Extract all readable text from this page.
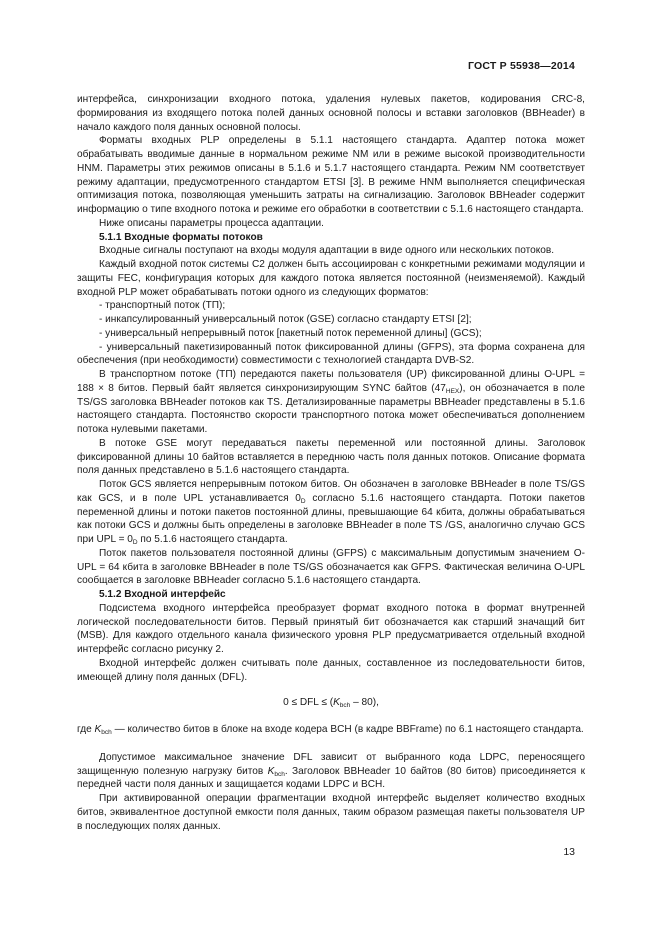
ГОСТ Р 55938—2014

интерфейса, синхронизации входного потока, удаления нулевых пакетов, кодирования CRC-8, формирования из входящего потока полей данных основной полосы и вставки заголовков (BBHeader) в начало каждого поля данных основной полосы.

Форматы входных PLP определены в 5.1.1 настоящего стандарта. Адаптер потока может обрабатывать вводимые данные в нормальном режиме NM или в режиме высокой производительности HNM. Параметры этих режимов описаны в 5.1.6 и 5.1.7 настоящего стандарта. Режим NM соответствует режиму адаптации, предусмотренного стандартом ETSI [3]. В режиме HNM выполняется специфическая оптимизация потока, позволяющая уменьшить затраты на сигнализацию. Заголовок BBHeader содержит информацию о типе входного потока и режиме его обработки в соответствии с 5.1.6 настоящего стандарта.

Ниже описаны параметры процесса адаптации.

5.1.1 Входные форматы потоков

Входные сигналы поступают на входы модуля адаптации в виде одного или нескольких потоков.

Каждый входной поток системы C2 должен быть ассоциирован с конкретными режимами модуляции и защиты FEC, конфигурация которых для каждого потока является постоянной (неизменяемой). Каждый входной PLP может обрабатывать потоки одного из следующих форматов:

- транспортный поток (ТП);

- инкапсулированный универсальный поток (GSE) согласно стандарту ETSI [2];

- универсальный непрерывный поток [пакетный поток переменной длины] (GCS);

- универсальный пакетизированный поток фиксированной длины (GFPS), эта форма сохранена для обеспечения (при необходимости) совместимости с технологией стандарта DVB-S2.

В транспортном потоке (ТП) передаются пакеты пользователя (UP) фиксированной длины O-UPL = 188 × 8 битов. Первый байт является синхронизирующим SYNC байтов $(47_{HEX})$, он обозначается в поле TS/GS заголовка BBHeader потоков как TS. Детализированные параметры BBHeader представлены в 5.1.6 настоящего стандарта. Постоянство скорости транспортного потока может обеспечиваться дополнением потока нулевыми пакетами.

В потоке GSE могут передаваться пакеты переменной или постоянной длины. Заголовок фиксированной длины 10 байтов вставляется в переднюю часть поля данных потоков. Описание формата поля данных представлено в 5.1.6 настоящего стандарта.

Поток GCS является непрерывным потоком битов. Он обозначен в заголовке BBHeader в поле TS/GS как GCS, и в поле UPL устанавливается $0_D$ согласно 5.1.6 настоящего стандарта. Потоки пакетов переменной длины и потоки пакетов постоянной длины, превышающие 64 кбита, должны обрабатываться как потоки GCS и должны быть определены в заголовке BBHeader в поле TS /GS, аналогично случаю GCS при UPL = $0_D$ по 5.1.6 настоящего стандарта.

Поток пакетов пользователя постоянной длины (GFPS) с максимальным допустимым значением O-UPL = 64 кбита в заголовке BBHeader в поле TS/GS обозначается как GFPS. Фактическая величина O-UPL сообщается в заголовке BBHeader согласно 5.1.6 настоящего стандарта.

5.1.2 Входной интерфейс

Подсистема входного интерфейса преобразует формат входного потока в формат внутренней логической последовательности битов. Первый принятый бит обозначается как старший значащий бит (MSB). Для каждого отдельного канала физического уровня PLP предусматривается отдельный входной интерфейс согласно рисунку 2.

Входной интерфейс должен считывать поле данных, составленное из последовательности битов, имеющей длину поля данных (DFL).

0 ≤ DFL ≤ $(K_{bch} - 80)$,

где $K_{bch}$ — количество битов в блоке на входе кодера BCH (в кадре BBFrame) по 6.1 настоящего стандарта.

Допустимое максимальное значение DFL зависит от выбранного кода LDPC, переносящего защищенную полезную нагрузку битов $K_{bch}$. Заголовок BBHeader 10 байтов (80 битов) присоединяется к передней части поля данных и защищается кодами LDPC и BCH.

При активированной операции фрагментации входной интерфейс выделяет количество входных битов, эквивалентное доступной емкости поля данных, таким образом размещая пакеты пользователя UP в последующих полях данных.

13
